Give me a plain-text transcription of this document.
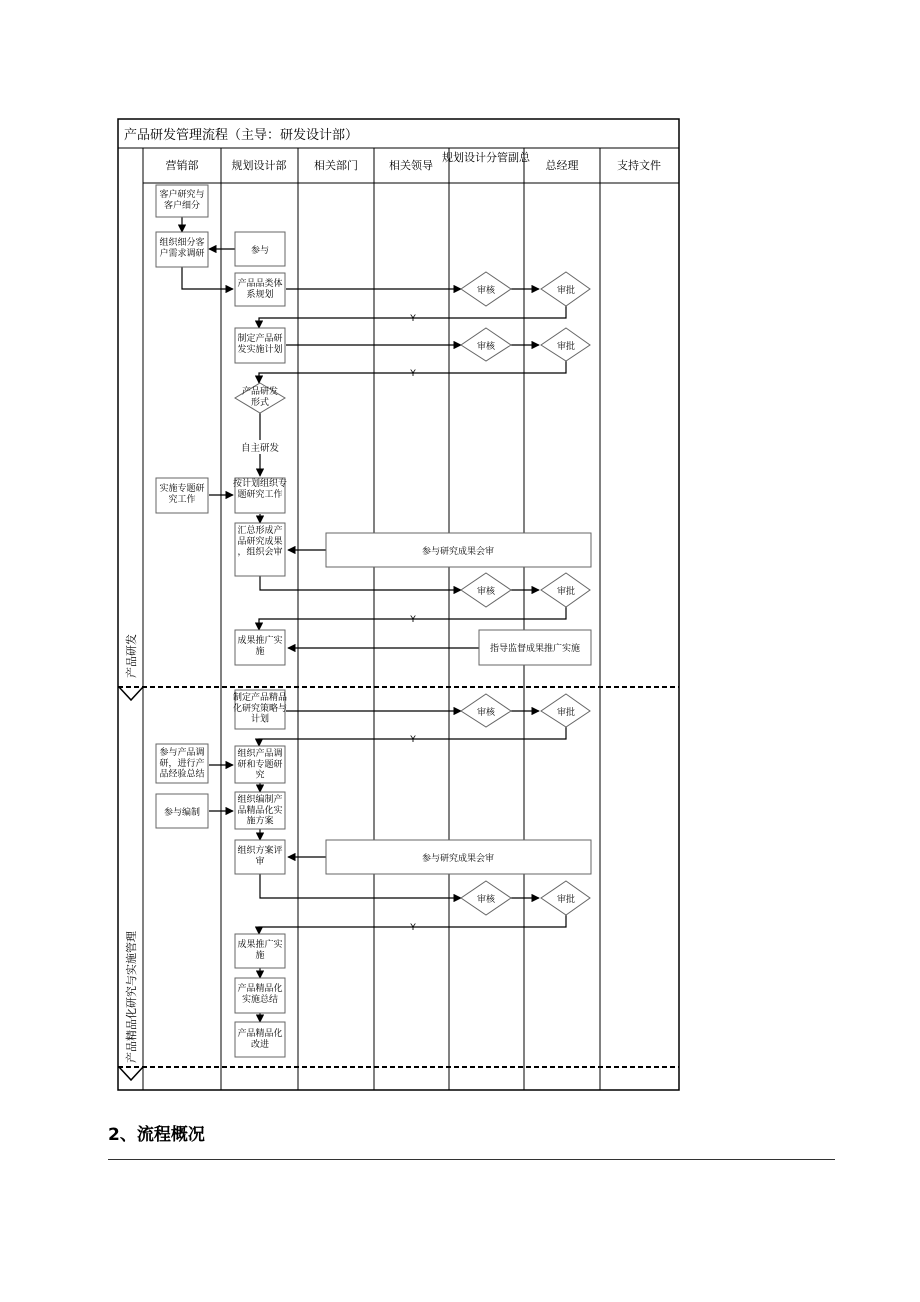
产品研发管理流程（主导：研发设计部）
营销部	规划设计部	相关部门	相关领导
规划设计分管副总
总经理	支持文件
产品研发
产品精品化研究与实施管理
Y
Y
Y
Y
Y
客户研究与客户细分
组织细分客户需求调研	参与
产品品类体系规划
制定产品研发实施计划
实施专题研究工作
按计划组织专题研究工作
汇总形成产品研究成果，组织会审	参与研究成果会审
成果推广实施	指导监督成果推广实施
制定产品精品化研究策略与计划
参与产品调研，进行产品经验总结
组织产品调研和专题研究
参与编制
组织编制产品精品化实施方案
组织方案评审	参与研究成果会审
成果推广实施
产品精品化实施总结
产品精品化改进
产品研发形式
审核	审批
审核	审批
审核	审批
审核	审批
审核	审批
自主研发
2、流程概况
